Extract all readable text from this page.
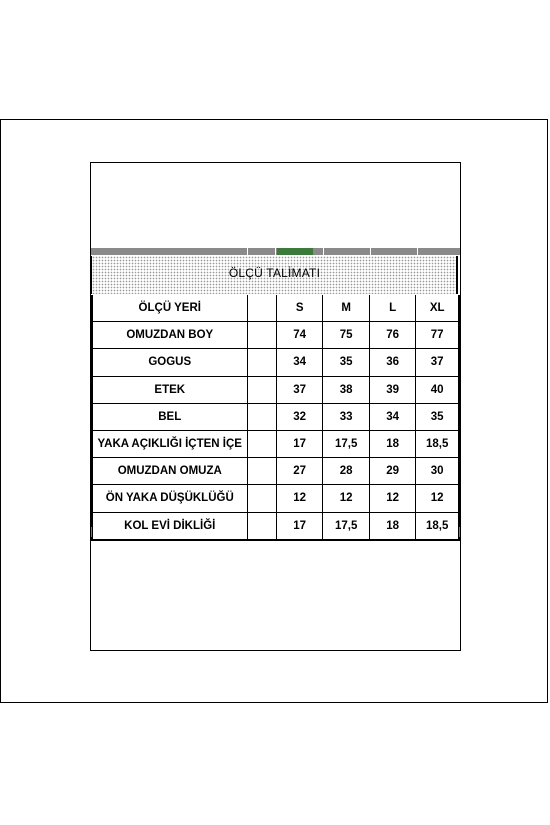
ÖLÇÜ TALİMATI
ÖLÇÜ YERİ		S	M	L	XL
OMUZDAN BOY		74	75	76	77
GOGUS		34	35	36	37
ETEK		37	38	39	40
BEL		32	33	34	35
YAKA AÇIKLIĞI İÇTEN İÇE		17	17,5	18	18,5
OMUZDAN OMUZA		27	28	29	30
ÖN YAKA DÜŞÜKLÜĞÜ		12	12	12	12
KOL EVİ DİKLİĞİ		17	17,5	18	18,5
